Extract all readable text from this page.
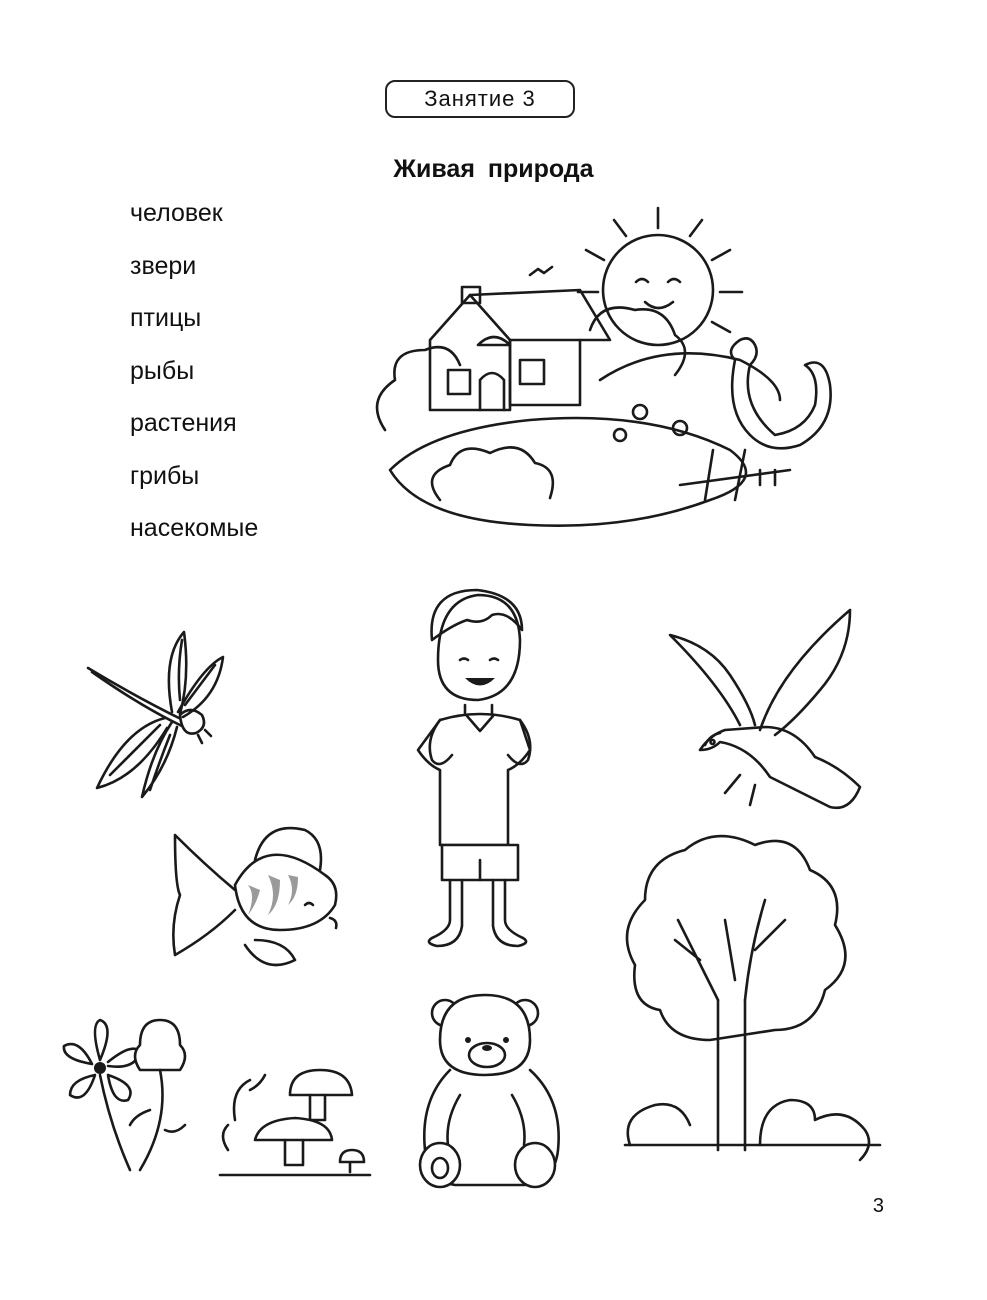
Занятие 3
Живая природа
человек
звери
птицы
рыбы
растения
грибы
насекомые
3
